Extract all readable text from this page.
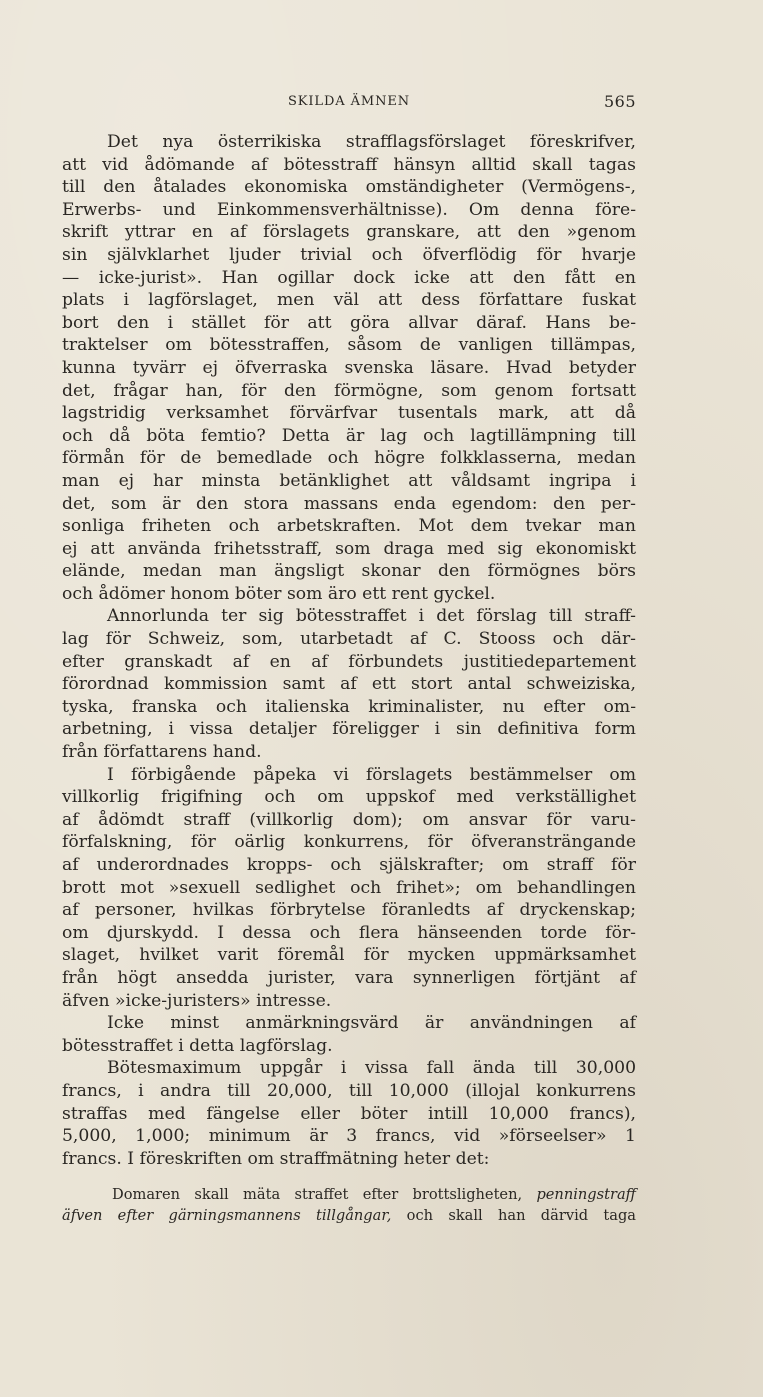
SKILDA ÄMNEN	565
Det nya österrikiska strafflagsförslaget föreskrifver,
att vid ådömande af bötesstraff hänsyn alltid skall tagas
till den åtalades ekonomiska omständigheter (Vermögens-,
Erwerbs- und Einkommensverhältnisse). Om denna före-
skrift yttrar en af förslagets granskare, att den »genom
sin självklarhet ljuder trivial och öfverflödig för hvarje
— icke-jurist». Han ogillar dock icke att den fått en
plats i lagförslaget, men väl att dess författare fuskat
bort den i stället för att göra allvar däraf. Hans be-
traktelser om bötesstraffen, såsom de vanligen tillämpas,
kunna tyvärr ej öfverraska svenska läsare. Hvad betyder
det, frågar han, för den förmögne, som genom fortsatt
lagstridig verksamhet förvärfvar tusentals mark, att då
och då böta femtio? Detta är lag och lagtillämpning till
förmån för de bemedlade och högre folkklasserna, medan
man ej har minsta betänklighet att våldsamt ingripa i
det, som är den stora massans enda egendom: den per-
sonliga friheten och arbetskraften. Mot dem tvekar man
ej att använda frihetsstraff, som draga med sig ekonomiskt
elände, medan man ängsligt skonar den förmögnes börs
och ådömer honom böter som äro ett rent gyckel.
Annorlunda ter sig bötesstraffet i det förslag till straff-
lag för Schweiz, som, utarbetadt af C. Stooss och där-
efter granskadt af en af förbundets justitiedepartement
förordnad kommission samt af ett stort antal schweiziska,
tyska, franska och italienska kriminalister, nu efter om-
arbetning, i vissa detaljer föreligger i sin definitiva form
från författarens hand.
I förbigående påpeka vi förslagets bestämmelser om
villkorlig frigifning och om uppskof med verkställighet
af ådömdt straff (villkorlig dom); om ansvar för varu-
förfalskning, för oärlig konkurrens, för öfveransträngande
af underordnades kropps- och själskrafter; om straff för
brott mot »sexuell sedlighet och frihet»; om behandlingen
af personer, hvilkas förbrytelse föranledts af dryckenskap;
om djurskydd. I dessa och flera hänseenden torde för-
slaget, hvilket varit föremål för mycken uppmärksamhet
från högt ansedda jurister, vara synnerligen förtjänt af
äfven »icke-juristers» intresse.
Icke minst anmärkningsvärd är användningen af
bötesstraffet i detta lagförslag.
Bötesmaximum uppgår i vissa fall ända till 30,000
francs, i andra till 20,000, till 10,000 (illojal konkurrens
straffas med fängelse eller böter intill 10,000 francs),
5,000, 1,000; minimum är 3 francs, vid »förseelser» 1
francs. I föreskriften om straffmätning heter det:
Domaren skall mäta straffet efter brottsligheten, penningstraff
äfven efter gärningsmannens tillgångar, och skall han därvid taga
